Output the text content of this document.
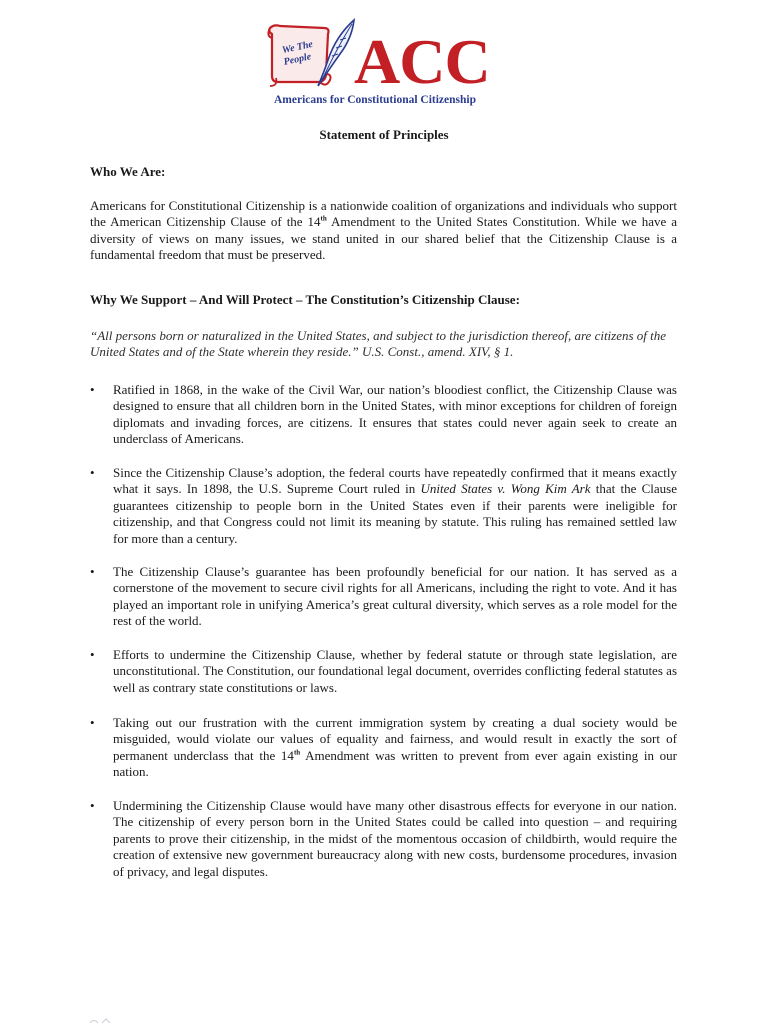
We The
People ACC
Americans for Constitutional Citizenship
Statement of Principles
Who We Are:
Americans for Constitutional Citizenship is a nationwide coalition of organizations and individuals who support the American Citizenship Clause of the 14th Amendment to the United States Constitution. While we have a diversity of views on many issues, we stand united in our shared belief that the Citizenship Clause is a fundamental freedom that must be preserved.
Why We Support – And Will Protect – The Constitution’s Citizenship Clause:
“All persons born or naturalized in the United States, and subject to the jurisdiction thereof, are citizens of the United States and of the State wherein they reside.” U.S. Const., amend. XIV, § 1.
• Ratified in 1868, in the wake of the Civil War, our nation’s bloodiest conflict, the Citizenship Clause was designed to ensure that all children born in the United States, with minor exceptions for children of foreign diplomats and invading forces, are citizens. It ensures that states could never again seek to create an underclass of Americans.
• Since the Citizenship Clause’s adoption, the federal courts have repeatedly confirmed that it means exactly what it says. In 1898, the U.S. Supreme Court ruled in United States v. Wong Kim Ark that the Clause guarantees citizenship to people born in the United States even if their parents were ineligible for citizenship, and that Congress could not limit its meaning by statute. This ruling has remained settled law for more than a century.
• The Citizenship Clause’s guarantee has been profoundly beneficial for our nation. It has served as a cornerstone of the movement to secure civil rights for all Americans, including the right to vote. And it has played an important role in unifying America’s great cultural diversity, which serves as a role model for the rest of the world.
• Efforts to undermine the Citizenship Clause, whether by federal statute or through state legislation, are unconstitutional. The Constitution, our foundational legal document, overrides conflicting federal statutes as well as contrary state constitutions or laws.
• Taking out our frustration with the current immigration system by creating a dual society would be misguided, would violate our values of equality and fairness, and would result in exactly the sort of permanent underclass that the 14th Amendment was written to prevent from ever again existing in our nation.
• Undermining the Citizenship Clause would have many other disastrous effects for everyone in our nation. The citizenship of every person born in the United States could be called into question – and requiring parents to prove their citizenship, in the midst of the momentous occasion of childbirth, would require the creation of extensive new government bureaucracy along with new costs, burdensome procedures, invasion of privacy, and legal disputes.
